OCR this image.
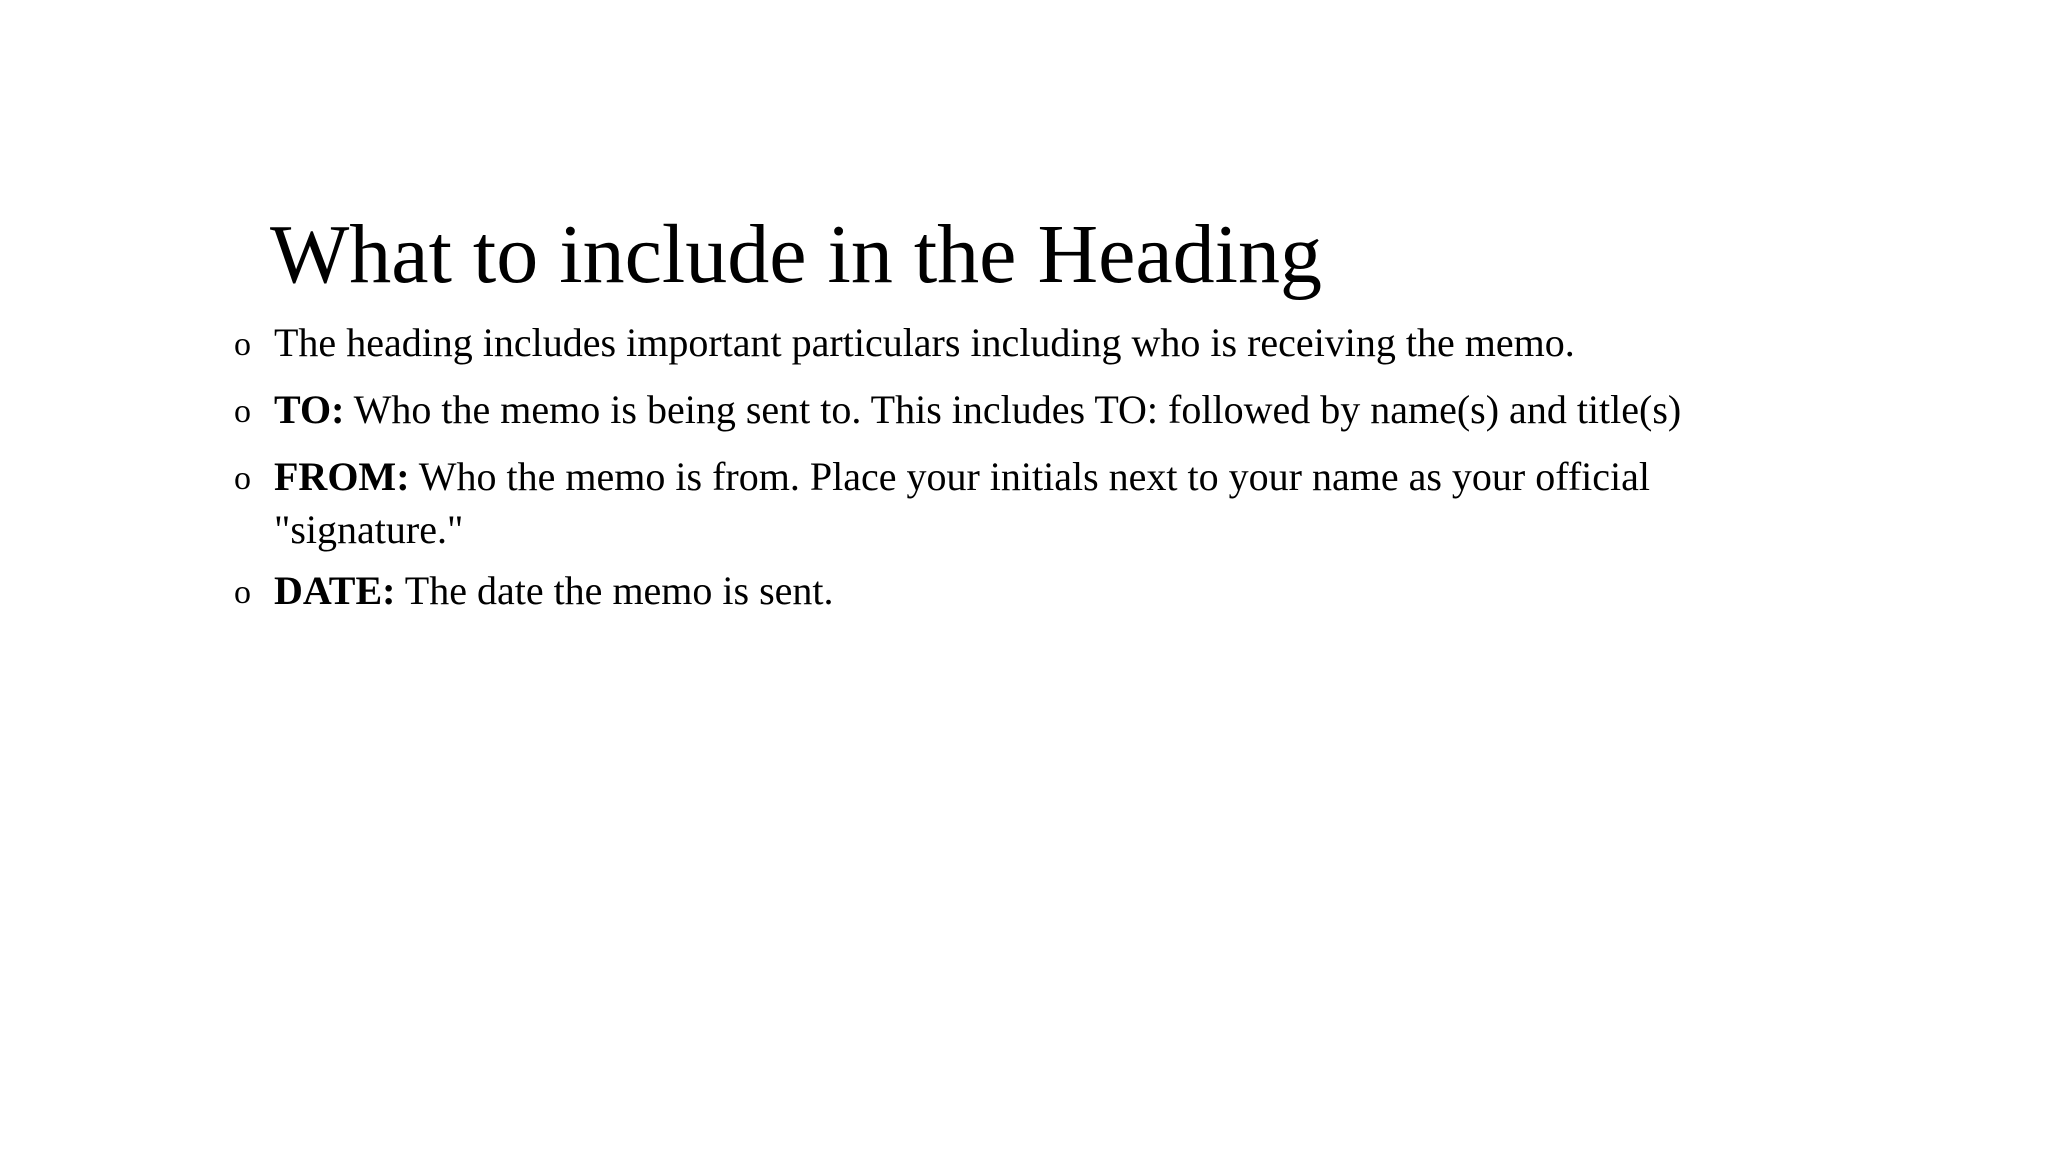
What to include in the Heading
o The heading includes important particulars including who is receiving the memo.
o TO: Who the memo is being sent to. This includes TO: followed by name(s) and title(s)
o FROM: Who the memo is from. Place your initials next to your name as your official "signature."
o DATE: The date the memo is sent.
